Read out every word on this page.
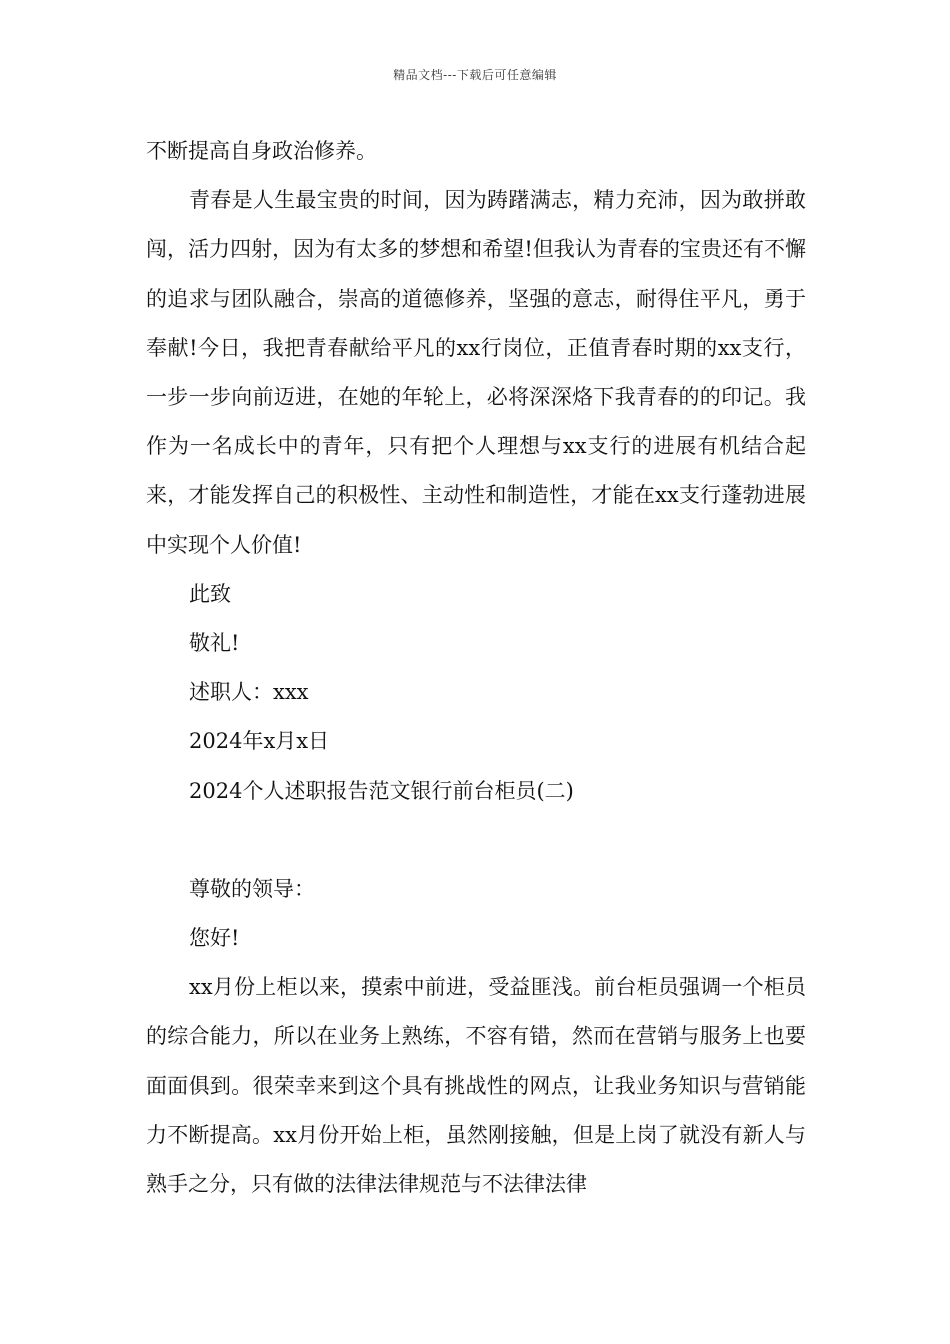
精品文档---下载后可任意编辑

不断提高自身政治修养。

青春是人生最宝贵的时间，因为踌躇满志，精力充沛，因为敢拼敢闯，活力四射，因为有太多的梦想和希望!但我认为青春的宝贵还有不懈的追求与团队融合，崇高的道德修养，坚强的意志，耐得住平凡，勇于奉献!今日，我把青春献给平凡的xx行岗位，正值青春时期的xx支行，一步一步向前迈进，在她的年轮上，必将深深烙下我青春的的印记。我作为一名成长中的青年，只有把个人理想与xx支行的进展有机结合起来，才能发挥自己的积极性、主动性和制造性，才能在xx支行蓬勃进展中实现个人价值!

此致

敬礼!

述职人：xxx

2024年x月x日

2024个人述职报告范文银行前台柜员(二)

尊敬的领导：

您好!

xx月份上柜以来，摸索中前进，受益匪浅。前台柜员强调一个柜员的综合能力，所以在业务上熟练，不容有错，然而在营销与服务上也要面面俱到。很荣幸来到这个具有挑战性的网点，让我业务知识与营销能力不断提高。xx月份开始上柜，虽然刚接触，但是上岗了就没有新人与熟手之分，只有做的法律法律规范与不法律法律
